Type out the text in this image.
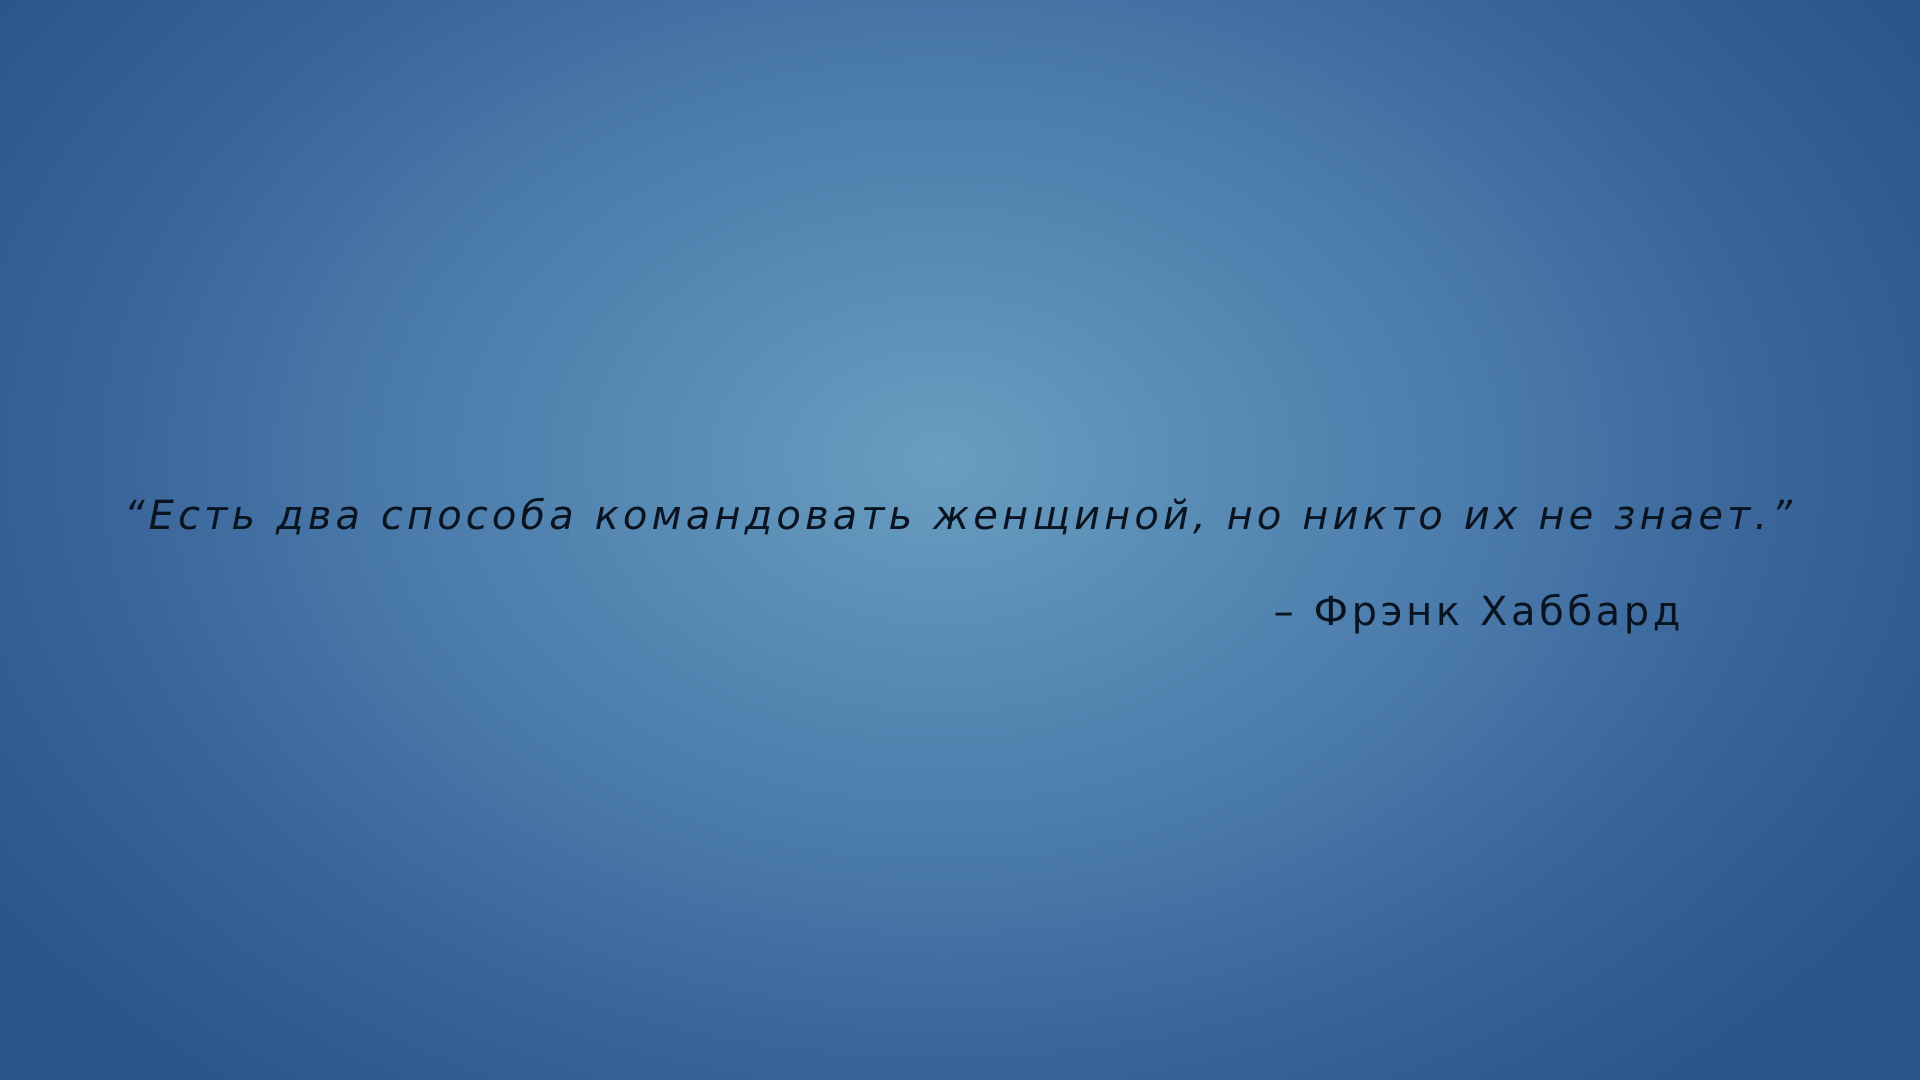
“Есть два способа командовать женщиной, но никто их не знает.”
– Фрэнк Хаббард
